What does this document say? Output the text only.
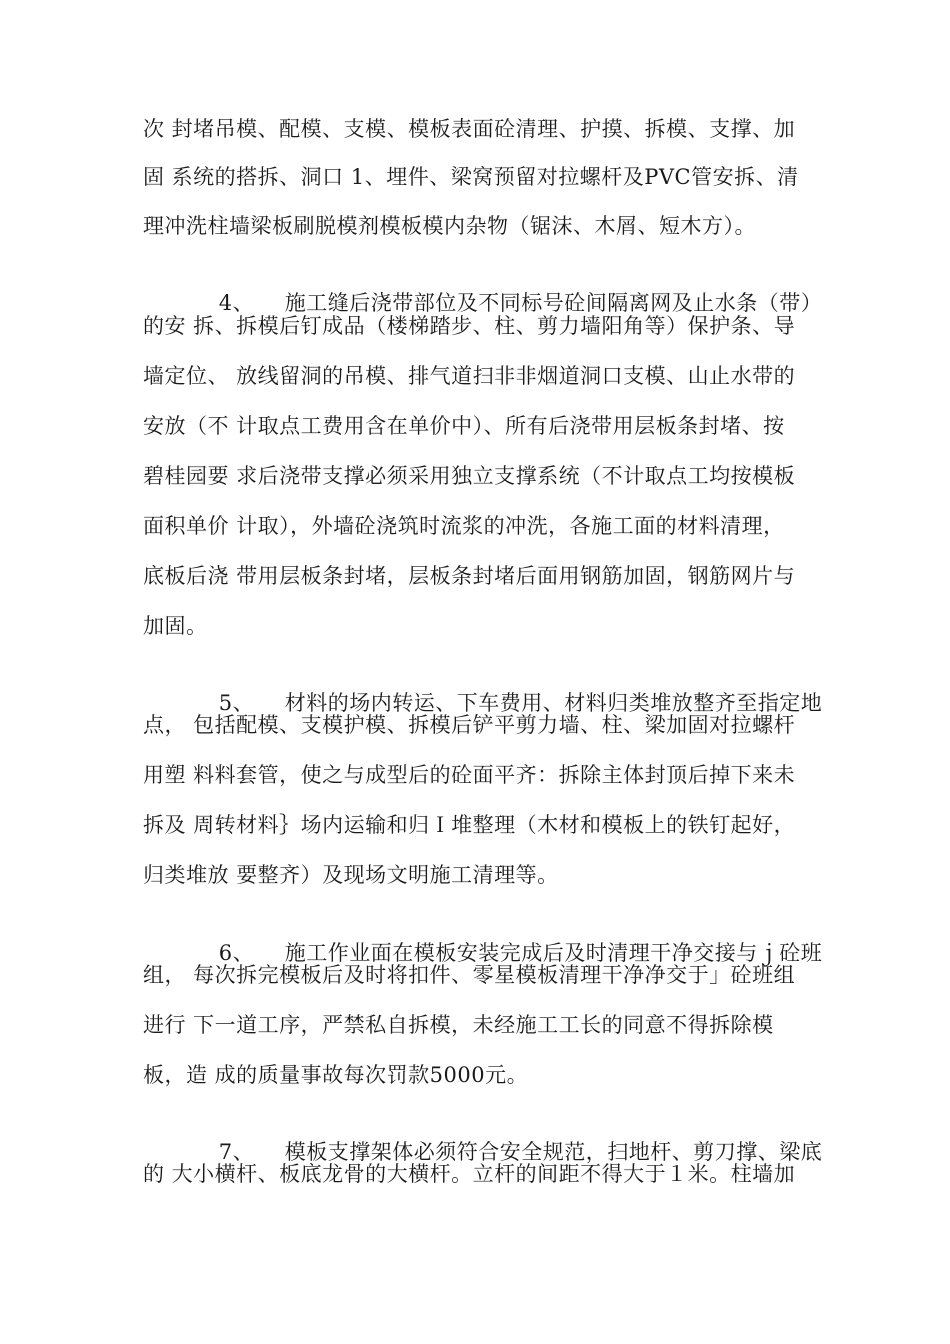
次 封堵吊模、配模、支模、模板表面砼清理、护摸、拆模、支撑、加
固 系统的搭拆、洞口 1、埋件、梁窝预留对拉螺杆及PVC管安拆、清
理冲洗柱墙梁板刷脱模剂模板模内杂物（锯沫、木屑、短木方）。

4、 施工缝后浇带部位及不同标号砼间隔离网及止水条（带）

的安 拆、拆模后钉成品（楼梯踏步、柱、剪力墙阳角等）保护条、导
墙定位、 放线留洞的吊模、排气道扫非非烟道洞口支模、山止水带的
安放（不 计取点工费用含在单价中）、所有后浇带用层板条封堵、按
碧桂园要 求后浇带支撑必须采用独立支撑系统（不计取点工均按模板
面积单价 计取），外墙砼浇筑时流浆的冲洗，各施工面的材料清理，
底板后浇 带用层板条封堵，层板条封堵后面用钢筋加固，钢筋网片与
加固。

5、 材料的场内转运、下车费用、材料归类堆放整齐至指定地

点， 包括配模、支模护模、拆模后铲平剪力墙、柱、梁加固对拉螺杆
用塑 料料套管，使之与成型后的砼面平齐：拆除主体封顶后掉下来未
拆及 周转材料｝场内运输和归Ｉ堆整理（木材和模板上的铁钉起好，
归类堆放 要整齐）及现场文明施工清理等。

6、 施工作业面在模板安装完成后及时清理干净交接与ｊ砼班

组， 每次拆完模板后及时将扣件、零星模板清理干净净交于」砼班组
进行 下一道工序，严禁私自拆模，未经施工工长的同意不得拆除模
板，造 成的质量事故每次罚款5000元。

7、 模板支撑架体必须符合安全规范，扫地杆、剪刀撑、梁底

的 大小横杆、板底龙骨的大横杆。立杆的间距不得大于１米。柱墙加
